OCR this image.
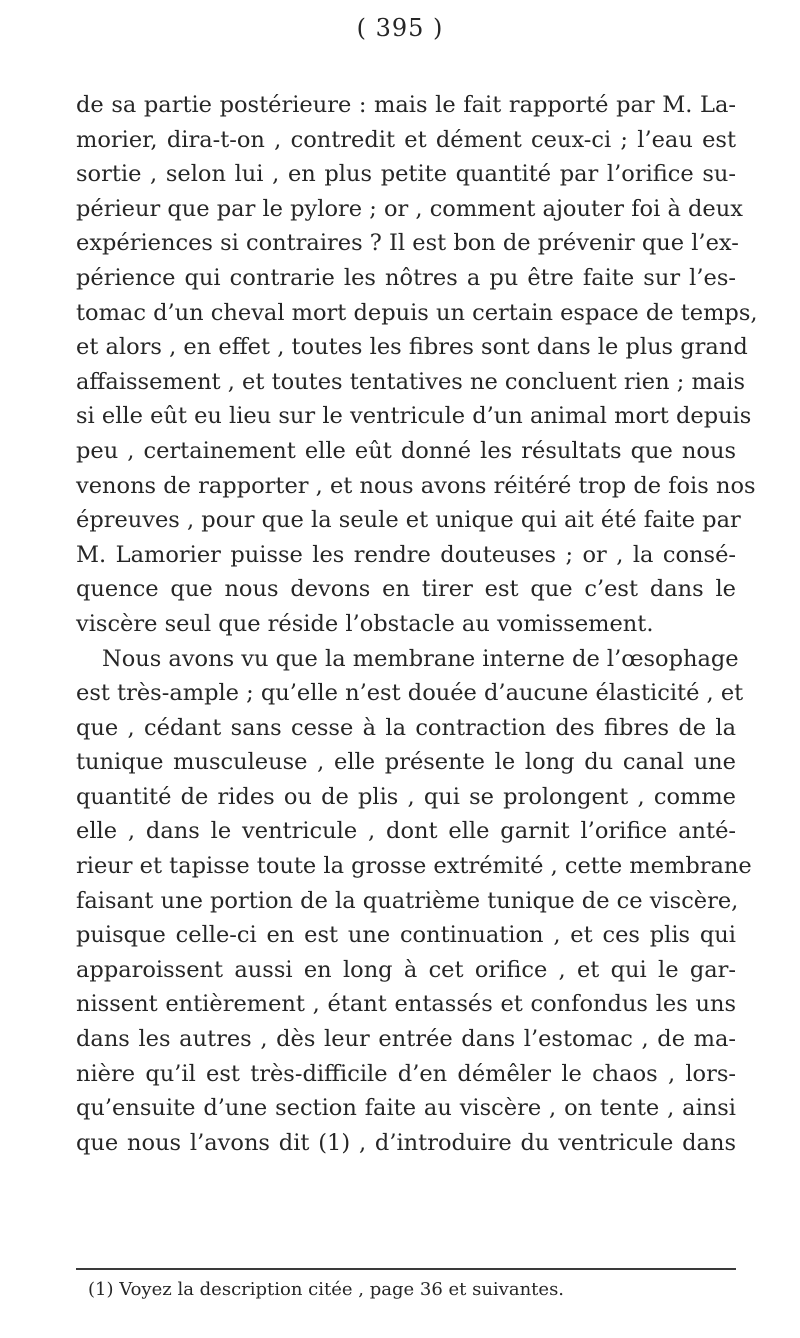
( 395 )
de sa partie postérieure : mais le fait rapporté par M. La-
morier, dira-t-on , contredit et dément ceux-ci ; l’eau est
sortie , selon lui , en plus petite quantité par l’orifice su-
périeur que par le pylore ; or , comment ajouter foi à deux
expériences si contraires ? Il est bon de prévenir que l’ex-
périence qui contrarie les nôtres a pu être faite sur l’es-
tomac d’un cheval mort depuis un certain espace de temps,
et alors , en effet , toutes les fibres sont dans le plus grand
affaissement , et toutes tentatives ne concluent rien ; mais
si elle eût eu lieu sur le ventricule d’un animal mort depuis
peu , certainement elle eût donné les résultats que nous
venons de rapporter , et nous avons réitéré trop de fois nos
épreuves , pour que la seule et unique qui ait été faite par
M. Lamorier puisse les rendre douteuses ; or , la consé-
quence que nous devons en tirer est que c’est dans le
viscère seul que réside l’obstacle au vomissement.
Nous avons vu que la membrane interne de l’œsophage
est très-ample ; qu’elle n’est douée d’aucune élasticité , et
que , cédant sans cesse à la contraction des fibres de la
tunique musculeuse , elle présente le long du canal une
quantité de rides ou de plis , qui se prolongent , comme
elle , dans le ventricule , dont elle garnit l’orifice anté-
rieur et tapisse toute la grosse extrémité , cette membrane
faisant une portion de la quatrième tunique de ce viscère,
puisque celle-ci en est une continuation , et ces plis qui
apparoissent aussi en long à cet orifice , et qui le gar-
nissent entièrement , étant entassés et confondus les uns
dans les autres , dès leur entrée dans l’estomac , de ma-
nière qu’il est très-difficile d’en démêler le chaos , lors-
qu’ensuite d’une section faite au viscère , on tente , ainsi
que nous l’avons dit (1) , d’introduire du ventricule dans
(1) Voyez la description citée , page 36 et suivantes.
